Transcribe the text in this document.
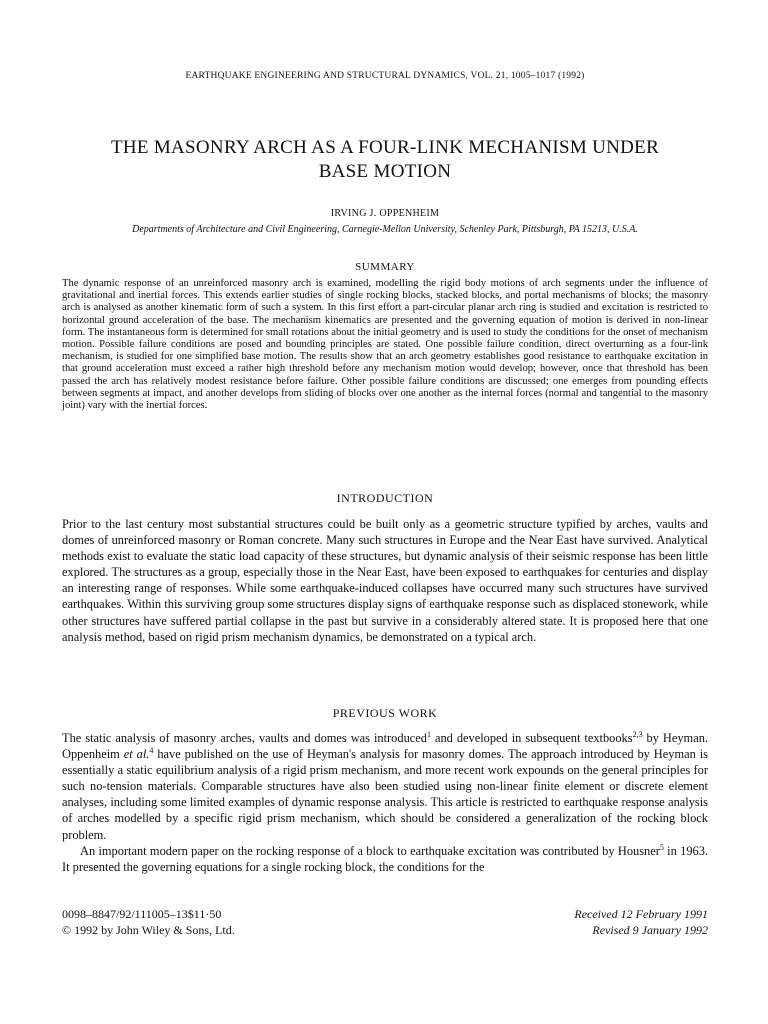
EARTHQUAKE ENGINEERING AND STRUCTURAL DYNAMICS, VOL. 21, 1005–1017 (1992)
THE MASONRY ARCH AS A FOUR-LINK MECHANISM UNDER
BASE MOTION
IRVING J. OPPENHEIM
Departments of Architecture and Civil Engineering, Carnegie-Mellon University, Schenley Park, Pittsburgh, PA 15213, U.S.A.
SUMMARY

The dynamic response of an unreinforced masonry arch is examined, modelling the rigid body motions of arch segments under the influence of gravitational and inertial forces. This extends earlier studies of single rocking blocks, stacked blocks, and portal mechanisms of blocks; the masonry arch is analysed as another kinematic form of such a system. In this first effort a part-circular planar arch ring is studied and excitation is restricted to horizontal ground acceleration of the base. The mechanism kinematics are presented and the governing equation of motion is derived in non-linear form. The instantaneous form is determined for small rotations about the initial geometry and is used to study the conditions for the onset of mechanism motion. Possible failure conditions are posed and bounding principles are stated. One possible failure condition, direct overturning as a four-link mechanism, is studied for one simplified base motion. The results show that an arch geometry establishes good resistance to earthquake excitation in that ground acceleration must exceed a rather high threshold before any mechanism motion would develop; however, once that threshold has been passed the arch has relatively modest resistance before failure. Other possible failure conditions are discussed; one emerges from pounding effects between segments at impact, and another develops from sliding of blocks over one another as the internal forces (normal and tangential to the masonry joint) vary with the inertial forces.

INTRODUCTION

Prior to the last century most substantial structures could be built only as a geometric structure typified by arches, vaults and domes of unreinforced masonry or Roman concrete. Many such structures in Europe and the Near East have survived. Analytical methods exist to evaluate the static load capacity of these structures, but dynamic analysis of their seismic response has been little explored. The structures as a group, especially those in the Near East, have been exposed to earthquakes for centuries and display an interesting range of responses. While some earthquake-induced collapses have occurred many such structures have survived earthquakes. Within this surviving group some structures display signs of earthquake response such as displaced stonework, while other structures have suffered partial collapse in the past but survive in a considerably altered state. It is proposed here that one analysis method, based on rigid prism mechanism dynamics, be demonstrated on a typical arch.

PREVIOUS WORK

The static analysis of masonry arches, vaults and domes was introduced$^1$ and developed in subsequent textbooks$^{2,3}$ by Heyman. Oppenheim et al.$^4$ have published on the use of Heyman's analysis for masonry domes. The approach introduced by Heyman is essentially a static equilibrium analysis of a rigid prism mechanism, and more recent work expounds on the general principles for such no-tension materials. Comparable structures have also been studied using non-linear finite element or discrete element analyses, including some limited examples of dynamic response analysis. This article is restricted to earthquake response analysis of arches modelled by a specific rigid prism mechanism, which should be considered a generalization of the rocking block problem.

An important modern paper on the rocking response of a block to earthquake excitation was contributed by Housner$^5$ in 1963. It presented the governing equations for a single rocking block, the conditions for the

0098–8847/92/111005–13$11·50
© 1992 by John Wiley & Sons, Ltd.
Received 12 February 1991
Revised 9 January 1992
